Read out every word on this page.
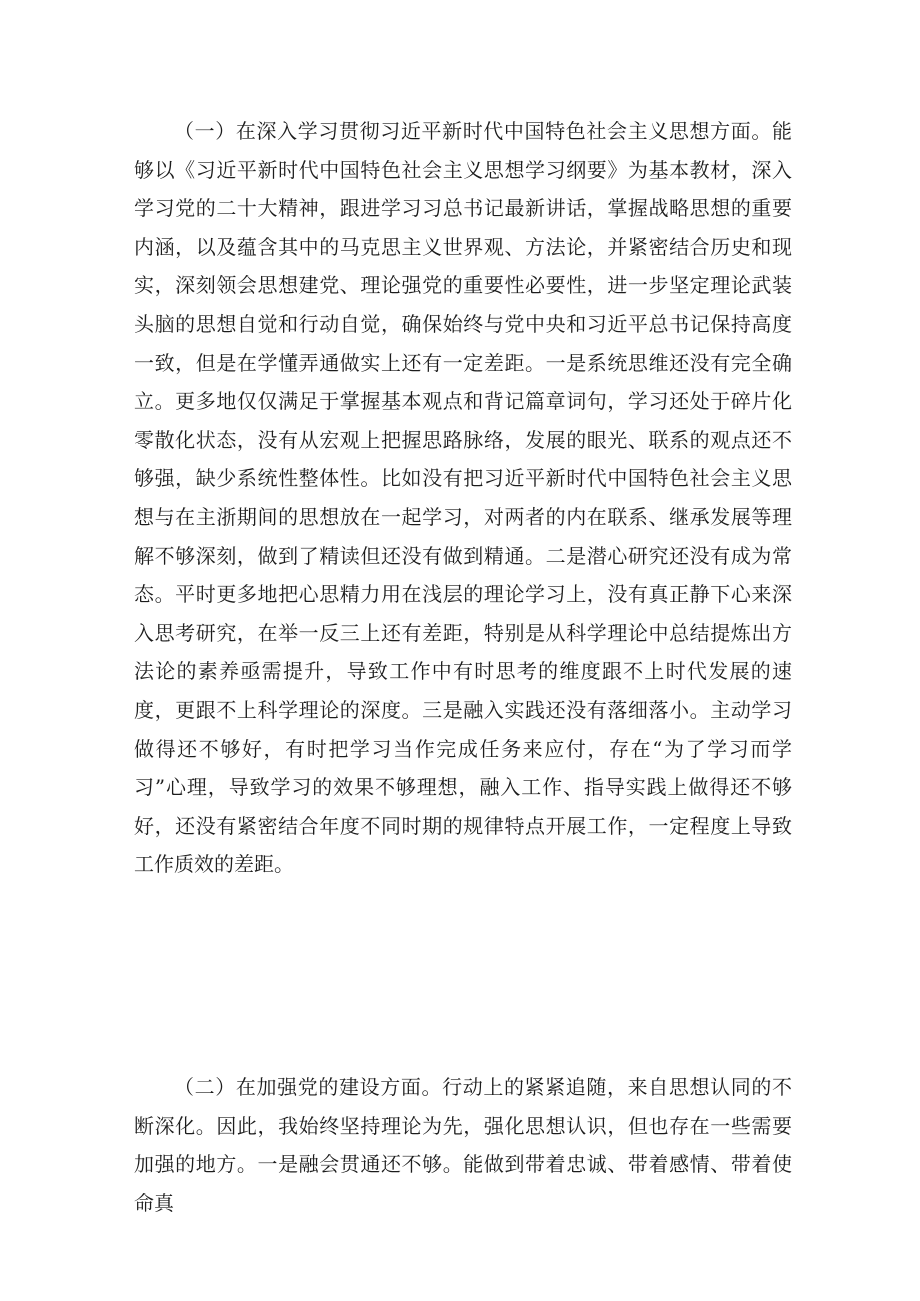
（一）在深入学习贯彻习近平新时代中国特色社会主义思想方面。能够以《习近平新时代中国特色社会主义思想学习纲要》为基本教材，深入学习党的二十大精神，跟进学习习总书记最新讲话，掌握战略思想的重要内涵，以及蕴含其中的马克思主义世界观、方法论，并紧密结合历史和现实，深刻领会思想建党、理论强党的重要性必要性，进一步坚定理论武装头脑的思想自觉和行动自觉，确保始终与党中央和习近平总书记保持高度一致，但是在学懂弄通做实上还有一定差距。一是系统思维还没有完全确立。更多地仅仅满足于掌握基本观点和背记篇章词句，学习还处于碎片化零散化状态，没有从宏观上把握思路脉络，发展的眼光、联系的观点还不够强，缺少系统性整体性。比如没有把习近平新时代中国特色社会主义思想与在主浙期间的思想放在一起学习，对两者的内在联系、继承发展等理解不够深刻，做到了精读但还没有做到精通。二是潜心研究还没有成为常态。平时更多地把心思精力用在浅层的理论学习上，没有真正静下心来深入思考研究，在举一反三上还有差距，特别是从科学理论中总结提炼出方法论的素养亟需提升，导致工作中有时思考的维度跟不上时代发展的速度，更跟不上科学理论的深度。三是融入实践还没有落细落小。主动学习做得还不够好，有时把学习当作完成任务来应付，存在“为了学习而学习”心理，导致学习的效果不够理想，融入工作、指导实践上做得还不够好，还没有紧密结合年度不同时期的规律特点开展工作，一定程度上导致工作质效的差距。

（二）在加强党的建设方面。行动上的紧紧追随，来自思想认同的不断深化。因此，我始终坚持理论为先，强化思想认识，但也存在一些需要加强的地方。一是融会贯通还不够。能做到带着忠诚、带着感情、带着使命真
